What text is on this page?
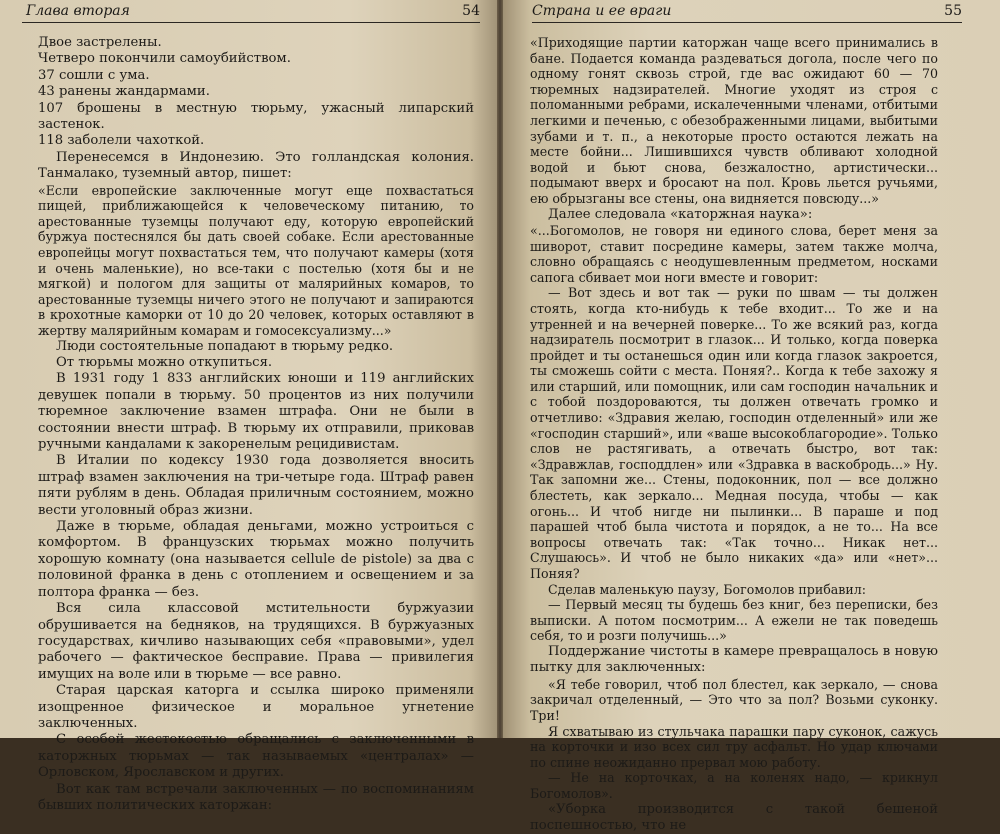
Глава вторая	54

Двое застрелены.

Четверо покончили самоубийством.

37 сошли с ума.

43 ранены жандармами.

107 брошены в местную тюрьму, ужасный липарский застенок.

118 заболели чахоткой.

Перенесемся в Индонезию. Это голландская колония. Танмалако, туземный автор, пишет:

«Если европейские заключенные могут еще похвастаться пищей, приближающейся к человеческому питанию, то арестованные туземцы получают еду, которую европейский буржуа постеснялся бы дать своей собаке. Если арестованные европейцы могут похвастаться тем, что получают камеры (хотя и очень маленькие), но все-таки с постелью (хотя бы и не мягкой) и пологом для защиты от малярийных комаров, то арестованные туземцы ничего этого не получают и запираются в крохотные каморки от 10 до 20 человек, которых оставляют в жертву малярийным комарам и гомосексуализму...»

Люди состоятельные попадают в тюрьму редко.

От тюрьмы можно откупиться.

В 1931 году 1 833 английских юноши и 119 английских девушек попали в тюрьму. 50 процентов из них получили тюремное заключение взамен штрафа. Они не были в состоянии внести штраф. В тюрьму их отправили, приковав ручными кандалами к закоренелым рецидивистам.

В Италии по кодексу 1930 года дозволяется вносить штраф взамен заключения на три-четыре года. Штраф равен пяти рублям в день. Обладая приличным состоянием, можно вести уголовный образ жизни.

Даже в тюрьме, обладая деньгами, можно устроиться с комфортом. В французских тюрьмах можно получить хорошую комнату (она называется cellule de pistole) за два с половиной франка в день с отоплением и освещением и за полтора франка — без.

Вся сила классовой мстительности буржуазии обрушивается на бедняков, на трудящихся. В буржуазных государствах, кичливо называющих себя «правовыми», удел рабочего — фактическое бесправие. Права — привилегия имущих на воле или в тюрьме — все равно.

Старая царская каторга и ссылка широко применяли изощренное физическое и моральное угнетение заключенных.

С особой жестокостью обращались с заключенными в каторжных тюрьмах — так называемых «централах» — Орловском, Ярославском и других.

Вот как там встречали заключенных — по воспоминаниям бывших политических каторжан:

Страна и ее враги	55

«Приходящие партии каторжан чаще всего принимались в бане. Подается команда раздеваться догола, после чего по одному гонят сквозь строй, где вас ожидают 60 — 70 тюремных надзирателей. Многие уходят из строя с поломанными ребрами, искалеченными членами, отбитыми легкими и печенью, с обезображенными лицами, выбитыми зубами и т. п., а некоторые просто остаются лежать на месте бойни... Лишившихся чувств обливают холодной водой и бьют снова, безжалостно, артистически... подымают вверх и бросают на пол. Кровь льется ручьями, ею обрызганы все стены, она видняется повсюду...»

Далее следовала «каторжная наука»:

«...Богомолов, не говоря ни единого слова, берет меня за шиворот, ставит посредине камеры, затем также молча, словно обращаясь с неодушевленным предметом, носками сапога сбивает мои ноги вместе и говорит:

— Вот здесь и вот так — руки по швам — ты должен стоять, когда кто-нибудь к тебе входит... То же и на утренней и на вечерней поверке... То же всякий раз, когда надзиратель посмотрит в глазок... И только, когда поверка пройдет и ты останешься один или когда глазок закроется, ты сможешь сойти с места. Поняя?.. Когда к тебе захожу я или старший, или помощник, или сам господин начальник и с тобой поздороваются, ты должен отвечать громко и отчетливо: «Здравия желаю, господин отделенный» или же «господин старший», или «ваше высокоблагородие». Только слов не растягивать, а отвечать быстро, вот так: «Здравжлав, господдлен» или «Здравка в васкобродь...» Ну. Так запомни же... Стены, подоконник, пол — все должно блестеть, как зеркало... Медная посуда, чтобы — как огонь... И чтоб нигде ни пылинки... В параше и под парашей чтоб была чистота и порядок, а не то... На все вопросы отвечать так: «Так точно... Никак нет... Слушаюсь». И чтоб не было никаких «да» или «нет»... Поняя?

Сделав маленькую паузу, Богомолов прибавил:

— Первый месяц ты будешь без книг, без переписки, без выписки. А потом посмотрим... А ежели не так поведешь себя, то и розги получишь...»

Поддержание чистоты в камере превращалось в новую пытку для заключенных:

«Я тебе говорил, чтоб пол блестел, как зеркало, — снова закричал отделенный, — Это что за пол? Возьми суконку. Три!

Я схватываю из стульчака парашки пару суконок, сажусь на корточки и изо всех сил тру асфальт. Но удар ключами по спине неожиданно прервал мою работу.

— Не на корточках, а на коленях надо, — крикнул Богомолов».

«Уборка производится с такой бешеной поспешностью, что не
